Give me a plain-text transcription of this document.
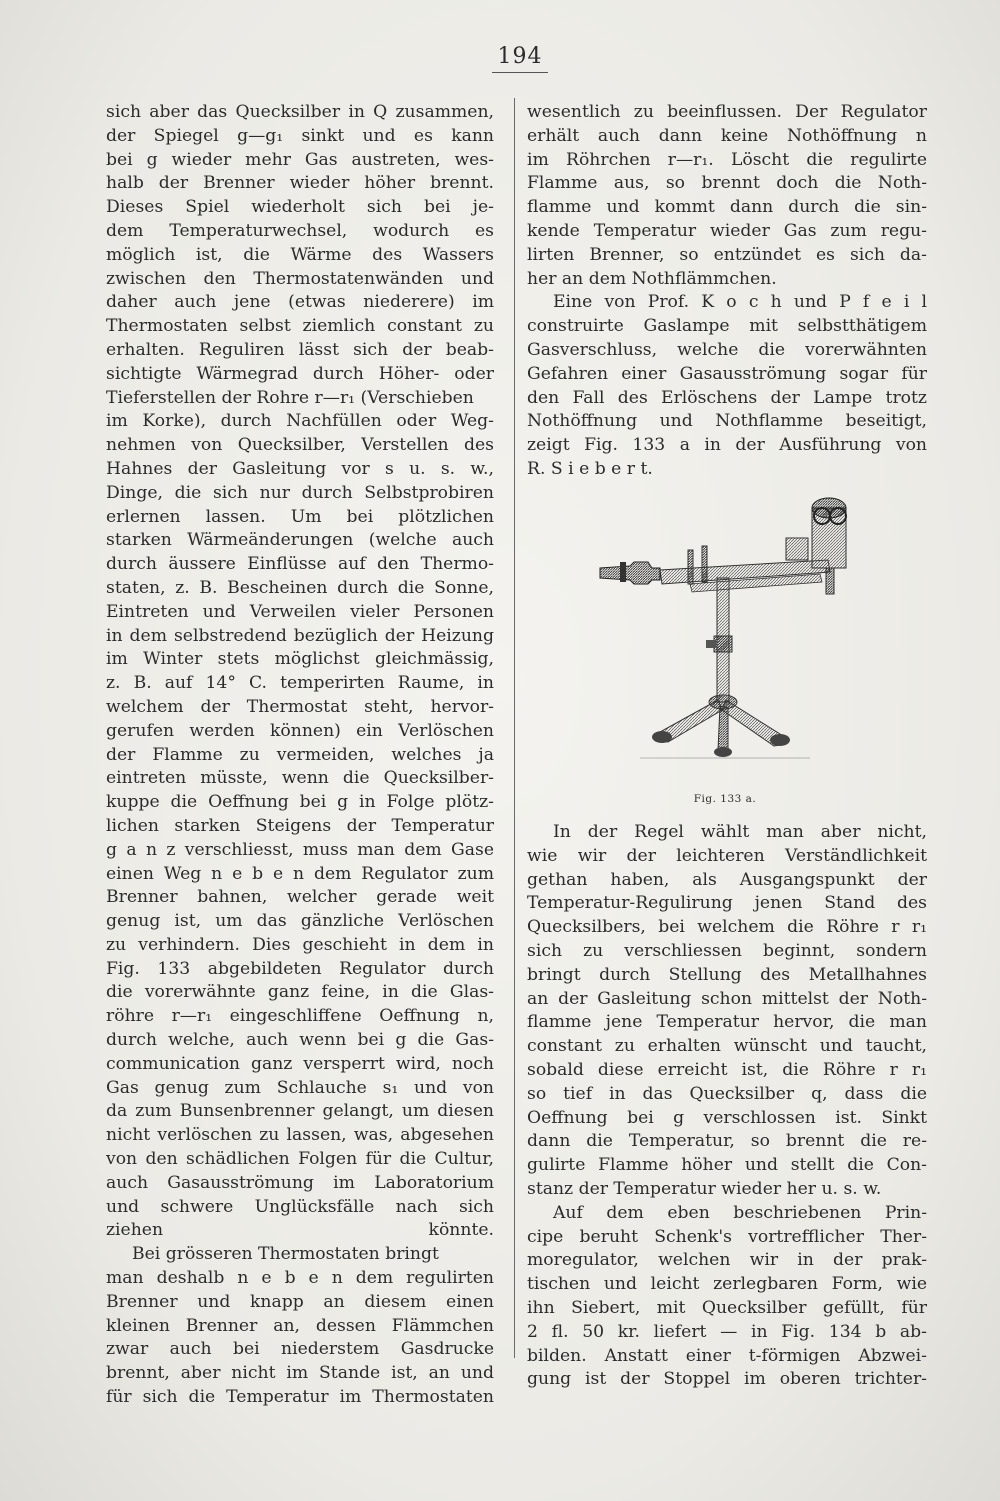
194
sich aber das Quecksilber in Q zusammen,
der Spiegel g—g₁ sinkt und es kann
bei g wieder mehr Gas austreten, wes-
halb der Brenner wieder höher brennt.
Dieses Spiel wiederholt sich bei je-
dem Temperaturwechsel, wodurch es
möglich ist, die Wärme des Wassers
zwischen den Thermostatenwänden und
daher auch jene (etwas niederere) im
Thermostaten selbst ziemlich constant zu
erhalten. Reguliren lässt sich der beab-
sichtigte Wärmegrad durch Höher- oder
Tieferstellen der Rohre r—r₁ (Verschieben
im Korke), durch Nachfüllen oder Weg-
nehmen von Quecksilber, Verstellen des
Hahnes der Gasleitung vor s u. s. w.,
Dinge, die sich nur durch Selbstprobiren
erlernen lassen. Um bei plötzlichen
starken Wärmeänderungen (welche auch
durch äussere Einflüsse auf den Thermo-
staten, z. B. Bescheinen durch die Sonne,
Eintreten und Verweilen vieler Personen
in dem selbstredend bezüglich der Heizung
im Winter stets möglichst gleichmässig,
z. B. auf 14° C. temperirten Raume, in
welchem der Thermostat steht, hervor-
gerufen werden können) ein Verlöschen
der Flamme zu vermeiden, welches ja
eintreten müsste, wenn die Quecksilber-
kuppe die Oeffnung bei g in Folge plötz-
lichen starken Steigens der Temperatur
g a n z verschliesst, muss man dem Gase
einen Weg n e b e n dem Regulator zum
Brenner bahnen, welcher gerade weit
genug ist, um das gänzliche Verlöschen
zu verhindern. Dies geschieht in dem in
Fig. 133 abgebildeten Regulator durch
die vorerwähnte ganz feine, in die Glas-
röhre r—r₁ eingeschliffene Oeffnung n,
durch welche, auch wenn bei g die Gas-
communication ganz versperrt wird, noch
Gas genug zum Schlauche s₁ und von
da zum Bunsenbrenner gelangt, um diesen
nicht verlöschen zu lassen, was, abgesehen
von den schädlichen Folgen für die Cultur,
auch Gasausströmung im Laboratorium
und schwere Unglücksfälle nach sich
ziehen könnte.
Bei grösseren Thermostaten bringt
man deshalb n e b e n dem regulirten
Brenner und knapp an diesem einen
kleinen Brenner an, dessen Flämmchen
zwar auch bei niederstem Gasdrucke
brennt, aber nicht im Stande ist, an und
für sich die Temperatur im Thermostaten
wesentlich zu beeinflussen. Der Regulator
erhält auch dann keine Nothöffnung n
im Röhrchen r—r₁. Löscht die regulirte
Flamme aus, so brennt doch die Noth-
flamme und kommt dann durch die sin-
kende Temperatur wieder Gas zum regu-
lirten Brenner, so entzündet es sich da-
her an dem Nothflämmchen.
Eine von Prof. K o c h und P f e i l
construirte Gaslampe mit selbstthätigem
Gasverschluss, welche die vorerwähnten
Gefahren einer Gasausströmung sogar für
den Fall des Erlöschens der Lampe trotz
Nothöffnung und Nothflamme beseitigt,
zeigt Fig. 133 a in der Ausführung von
R. S i e b e r t.
Fig. 133 a.
In der Regel wählt man aber nicht,
wie wir der leichteren Verständlichkeit
gethan haben, als Ausgangspunkt der
Temperatur-Regulirung jenen Stand des
Quecksilbers, bei welchem die Röhre r r₁
sich zu verschliessen beginnt, sondern
bringt durch Stellung des Metallhahnes
an der Gasleitung schon mittelst der Noth-
flamme jene Temperatur hervor, die man
constant zu erhalten wünscht und taucht,
sobald diese erreicht ist, die Röhre r r₁
so tief in das Quecksilber q, dass die
Oeffnung bei g verschlossen ist. Sinkt
dann die Temperatur, so brennt die re-
gulirte Flamme höher und stellt die Con-
stanz der Temperatur wieder her u. s. w.
Auf dem eben beschriebenen Prin-
cipe beruht Schenk's vortrefflicher Ther-
moregulator, welchen wir in der prak-
tischen und leicht zerlegbaren Form, wie
ihn Siebert, mit Quecksilber gefüllt, für
2 fl. 50 kr. liefert — in Fig. 134 b ab-
bilden. Anstatt einer t-förmigen Abzwei-
gung ist der Stoppel im oberen trichter-
